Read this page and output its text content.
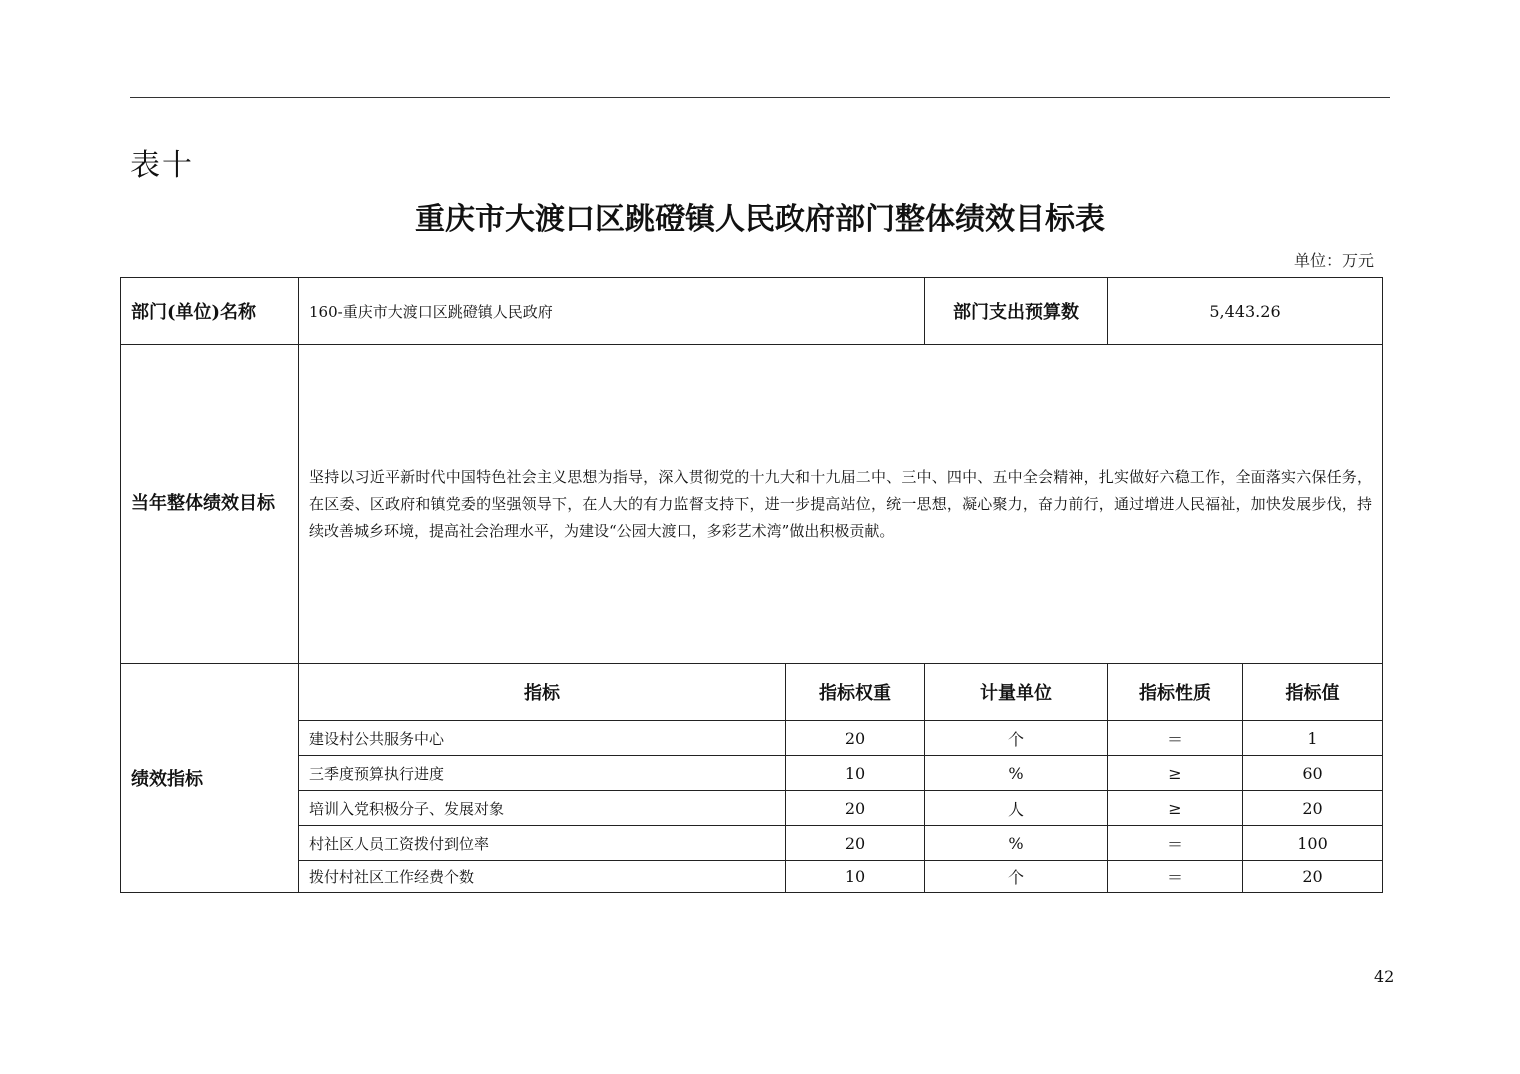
表十
重庆市大渡口区跳磴镇人民政府部门整体绩效目标表
单位：万元
部门(单位)名称	160-重庆市大渡口区跳磴镇人民政府	部门支出预算数	5,443.26
当年整体绩效目标
坚持以习近平新时代中国特色社会主义思想为指导，深入贯彻党的十九大和十九届二中、三中、四中、五中全会精神，扎实做好六稳工作，全面落实六保任务，在区委、区政府和镇党委的坚强领导下，在人大的有力监督支持下，进一步提高站位，统一思想，凝心聚力，奋力前行，通过增进人民福祉，加快发展步伐，持续改善城乡环境，提高社会治理水平，为建设“公园大渡口，多彩艺术湾”做出积极贡献。
绩效指标
指标	指标权重	计量单位	指标性质	指标值
建设村公共服务中心	20	个	＝	1
三季度预算执行进度	10	%	≥	60
培训入党积极分子、发展对象	20	人	≥	20
村社区人员工资拨付到位率	20	%	＝	100
拨付村社区工作经费个数	10	个	＝	20
42
